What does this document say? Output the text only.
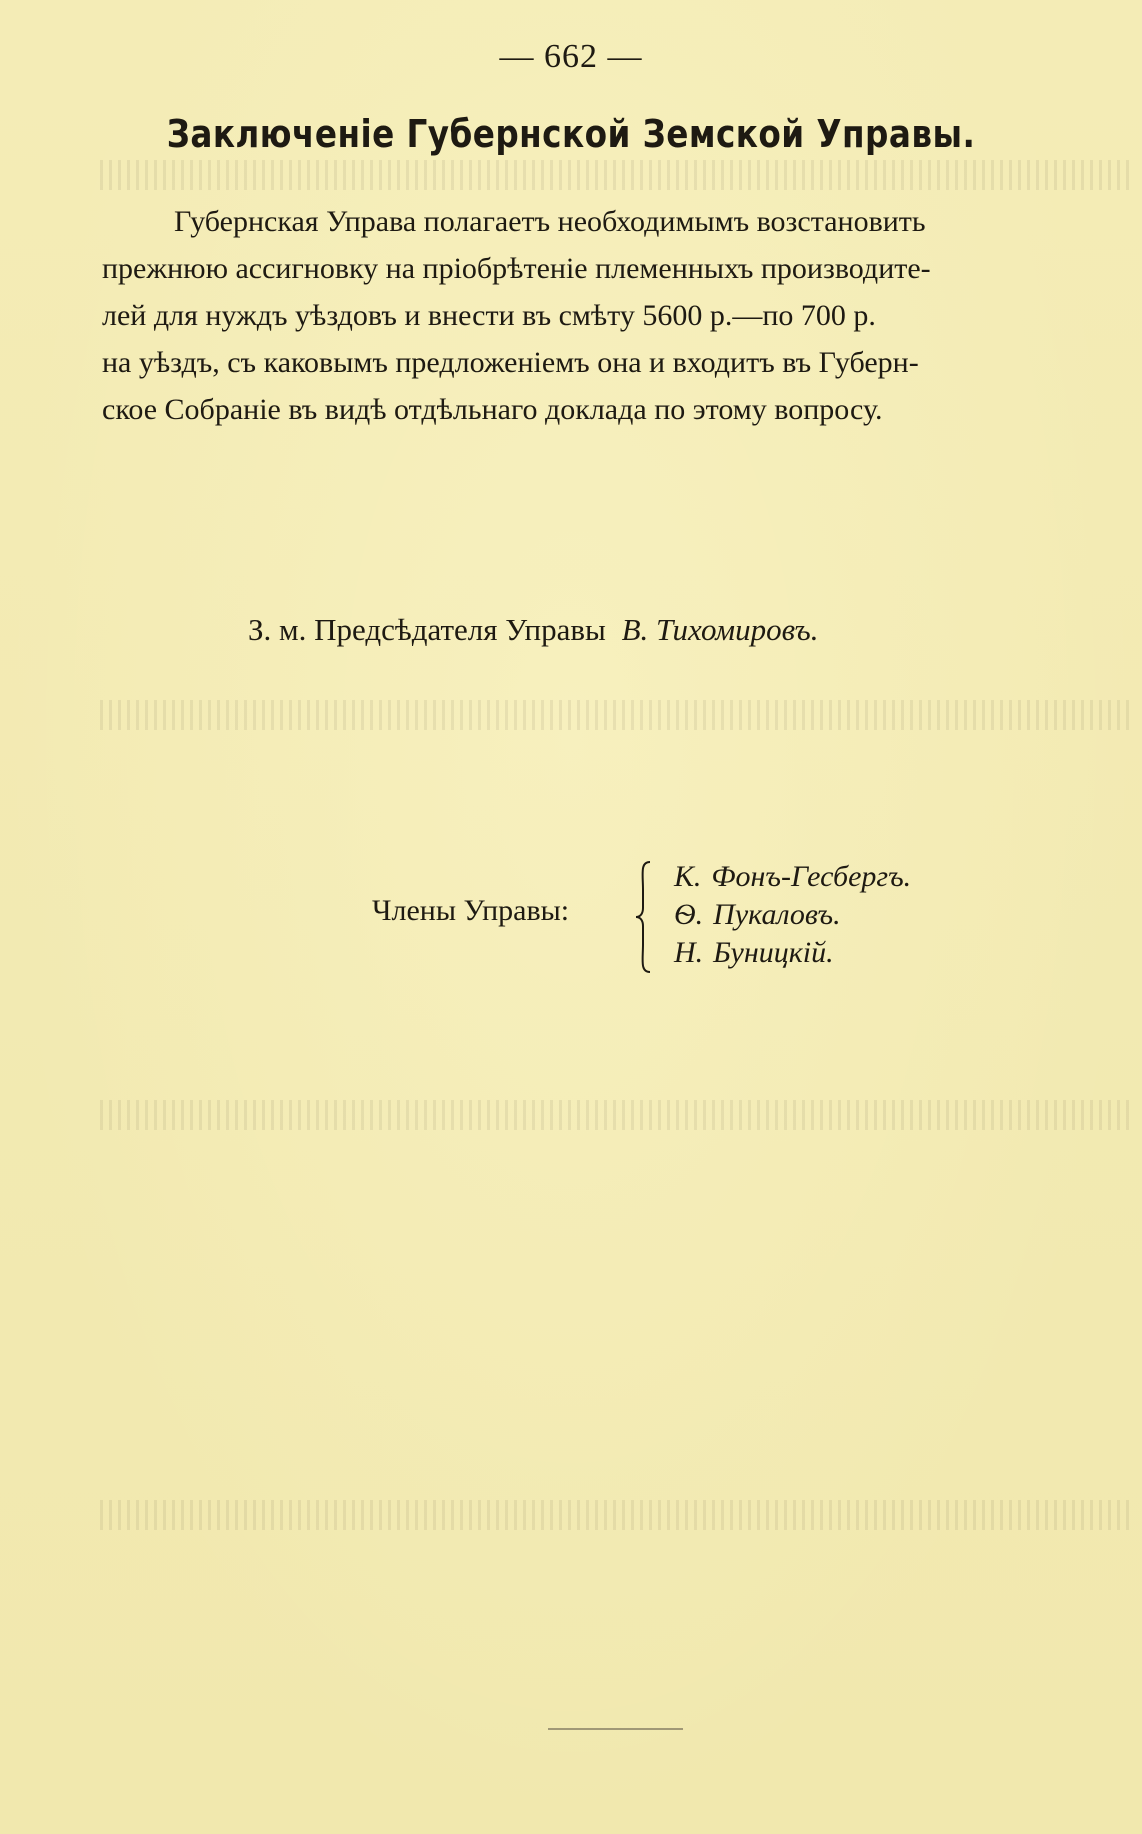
— 662 —
Заключеніе Губернской Земской Управы.
Губернская Управа полагаетъ необходимымъ возстановить
прежнюю ассигновку на пріобрѣтеніе племенныхъ производите-
лей для нуждъ уѣздовъ и внести въ смѣту 5600 р.—по 700 р.
на уѣздъ, съ каковымъ предложеніемъ она и входитъ въ Губерн-
ское Собраніе въ видѣ отдѣльнаго доклада по этому вопросу.
З. м. Предсѣдателя Управы В. Тихомировъ.
Члены Управы:
К. Фонъ-Гесбергъ.
Ѳ. Пукаловъ.
Н. Буницкій.
